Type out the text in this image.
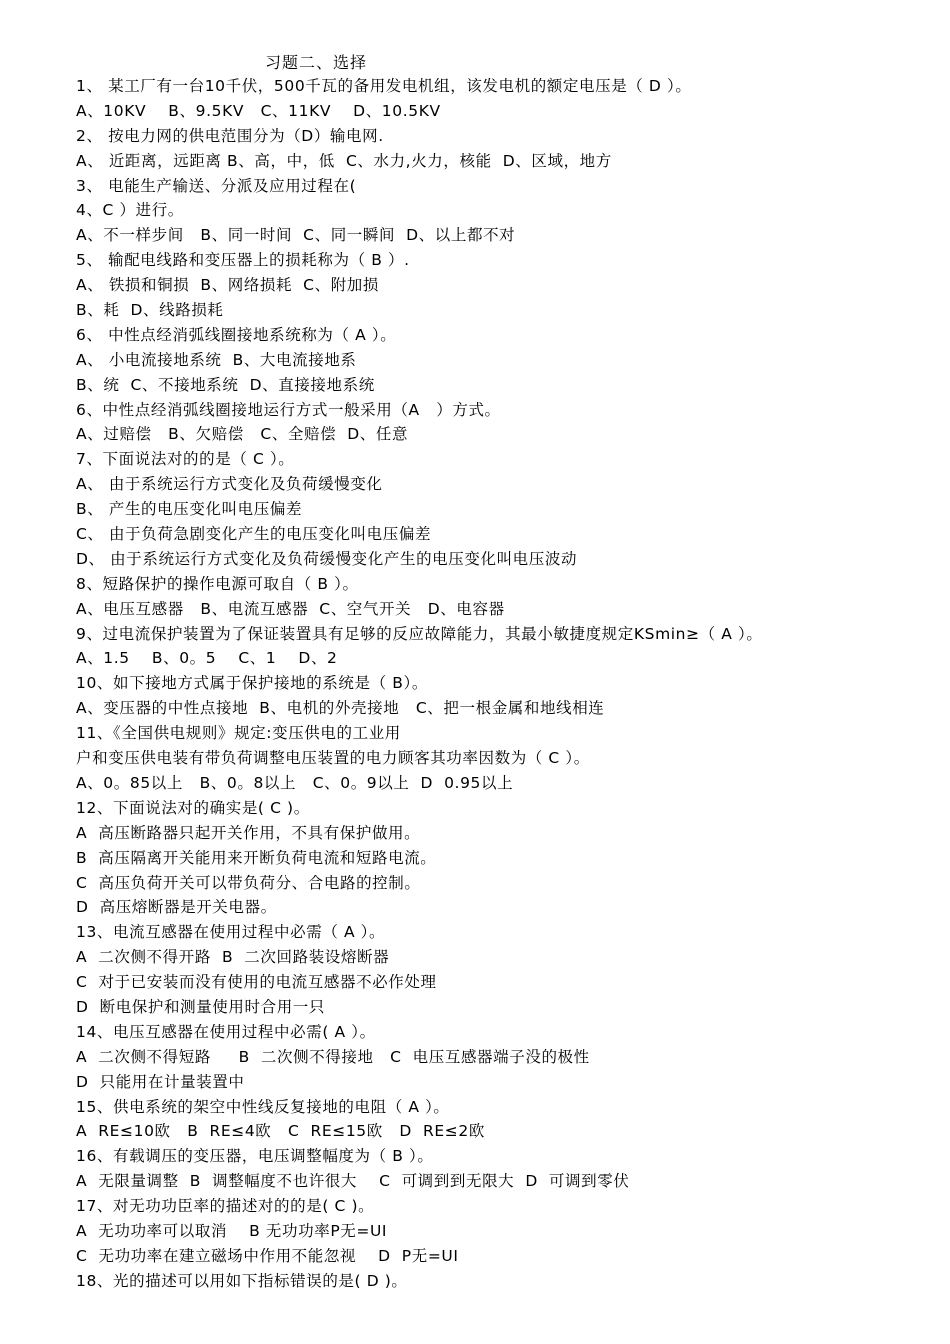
习题二、选择
1、 某工厂有一台10千伏，500千瓦的备用发电机组，该发电机的额定电压是（ D ）。
A、10KV    B、9.5KV   C、11KV    D、10.5KV
2、 按电力网的供电范围分为（D）输电网.
A、 近距离，远距离 B、高，中，低  C、水力,火力，核能  D、区域，地方
3、 电能生产输送、分派及应用过程在(
4、C ）进行。
A、不一样步间   B、同一时间  C、同一瞬间  D、以上都不对
5、 输配电线路和变压器上的损耗称为（ B ）.
A、 铁损和铜损  B、网络损耗  C、附加损
B、耗  D、线路损耗
6、 中性点经消弧线圈接地系统称为（ A ）。
A、 小电流接地系统  B、大电流接地系
B、统  C、不接地系统  D、直接接地系统
6、中性点经消弧线圈接地运行方式一般采用（A   ）方式。
A、过赔偿   B、欠赔偿   C、全赔偿  D、任意
7、下面说法对的的是（ C ）。
A、 由于系统运行方式变化及负荷缓慢变化
B、 产生的电压变化叫电压偏差
C、 由于负荷急剧变化产生的电压变化叫电压偏差
D、 由于系统运行方式变化及负荷缓慢变化产生的电压变化叫电压波动
8、短路保护的操作电源可取自（ B ）。
A、电压互感器   B、电流互感器  C、空气开关   D、电容器
9、过电流保护装置为了保证装置具有足够的反应故障能力，其最小敏捷度规定KSmin≥（ A ）。
A、1.5    B、0。5    C、1    D、2
10、如下接地方式属于保护接地的系统是（ B）。
A、变压器的中性点接地  B、电机的外壳接地   C、把一根金属和地线相连
11、《全国供电规则》规定:变压供电的工业用
户和变压供电装有带负荷调整电压装置的电力顾客其功率因数为（ C ）。
A、0。85以上   B、0。8以上   C、0。9以上  D  0.95以上
12、下面说法对的确实是( C )。
A  高压断路器只起开关作用，不具有保护做用。
B  高压隔离开关能用来开断负荷电流和短路电流。
C  高压负荷开关可以带负荷分、合电路的控制。
D  高压熔断器是开关电器。
13、电流互感器在使用过程中必需（ A ）。
A  二次侧不得开路  B  二次回路装设熔断器
C  对于已安装而没有使用的电流互感器不必作处理
D  断电保护和测量使用时合用一只
14、电压互感器在使用过程中必需( A ）。
A  二次侧不得短路     B  二次侧不得接地   C  电压互感器端子没的极性
D  只能用在计量装置中
15、供电系统的架空中性线反复接地的电阻（ A ）。
A  RE≤10欧   B  RE≤4欧   C  RE≤15欧   D  RE≤2欧
16、有载调压的变压器，电压调整幅度为（ B ）。
A  无限量调整  B  调整幅度不也许很大    C  可调到到无限大  D  可调到零伏
17、对无功功臣率的描述对的的是( C )。
A  无功功率可以取消    B 无功功率P无=UI
C  无功功率在建立磁场中作用不能忽视    D  P无=UI
18、光的描述可以用如下指标错误的是( D )。
